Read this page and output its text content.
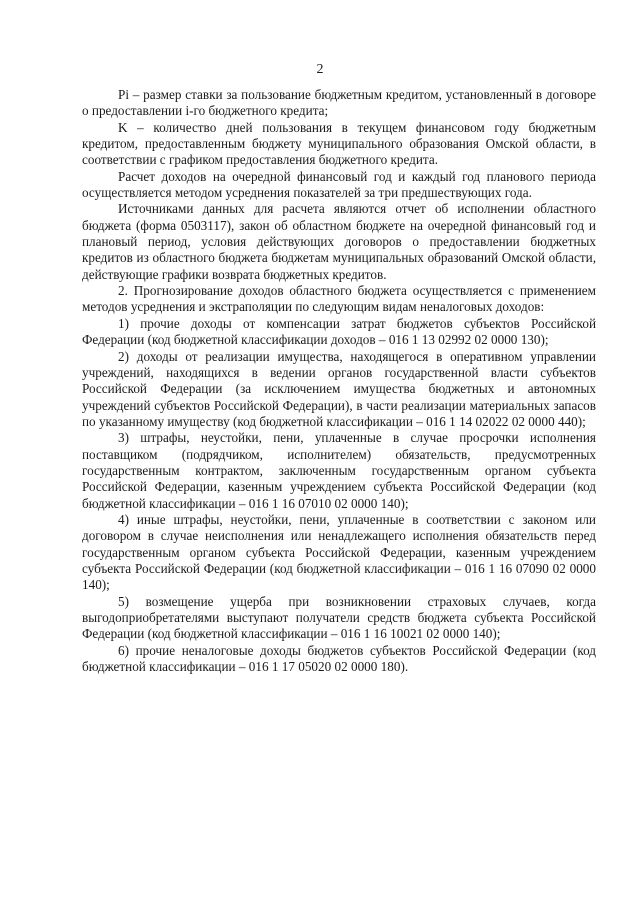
2

Pi – размер ставки за пользование бюджетным кредитом, установленный в договоре о предоставлении i-го бюджетного кредита;

K – количество дней пользования в текущем финансовом году бюджетным кредитом, предоставленным бюджету муниципального образования Омской области, в соответствии с графиком предоставления бюджетного кредита.

Расчет доходов на очередной финансовый год и каждый год планового периода осуществляется методом усреднения показателей за три предшествующих года.

Источниками данных для расчета являются отчет об исполнении областного бюджета (форма 0503117), закон об областном бюджете на очередной финансовый год и плановый период, условия действующих договоров о предоставлении бюджетных кредитов из областного бюджета бюджетам муниципальных образований Омской области, действующие графики возврата бюджетных кредитов.

2. Прогнозирование доходов областного бюджета осуществляется с применением методов усреднения и экстраполяции по следующим видам неналоговых доходов:

1) прочие доходы от компенсации затрат бюджетов субъектов Российской Федерации (код бюджетной классификации доходов – 016 1 13 02992 02 0000 130);

2) доходы от реализации имущества, находящегося в оперативном управлении учреждений, находящихся в ведении органов государственной власти субъектов Российской Федерации (за исключением имущества бюджетных и автономных учреждений субъектов Российской Федерации), в части реализации материальных запасов по указанному имуществу (код бюджетной классификации – 016 1 14 02022 02 0000 440);

3) штрафы, неустойки, пени, уплаченные в случае просрочки исполнения поставщиком (подрядчиком, исполнителем) обязательств, предусмотренных государственным контрактом, заключенным государственным органом субъекта Российской Федерации, казенным учреждением субъекта Российской Федерации (код бюджетной классификации – 016 1 16 07010 02 0000 140);

4) иные штрафы, неустойки, пени, уплаченные в соответствии с законом или договором в случае неисполнения или ненадлежащего исполнения обязательств перед государственным органом субъекта Российской Федерации, казенным учреждением субъекта Российской Федерации (код бюджетной классификации – 016 1 16 07090 02 0000 140);

5) возмещение ущерба при возникновении страховых случаев, когда выгодоприобретателями выступают получатели средств бюджета субъекта Российской Федерации (код бюджетной классификации – 016 1 16 10021 02 0000 140);

6) прочие неналоговые доходы бюджетов субъектов Российской Федерации (код бюджетной классификации – 016 1 17 05020 02 0000 180).
